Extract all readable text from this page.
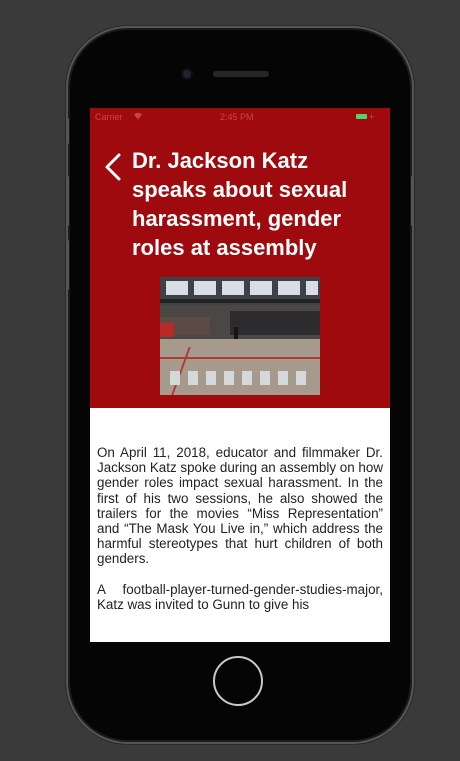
Carrier	2:45 PM	+
Dr. Jackson Katz speaks about sexual harassment, gender roles at assembly

On April 11, 2018, educator and filmmaker Dr. Jackson Katz spoke during an assembly on how gender roles impact sexual harassment. In the first of his two sessions, he also showed the trailers for the movies “Miss Representation” and “The Mask You Live in,” which address the harmful stereotypes that hurt children of both genders.

A football-player-turned-gender-studies-major, Katz was invited to Gunn to give his
